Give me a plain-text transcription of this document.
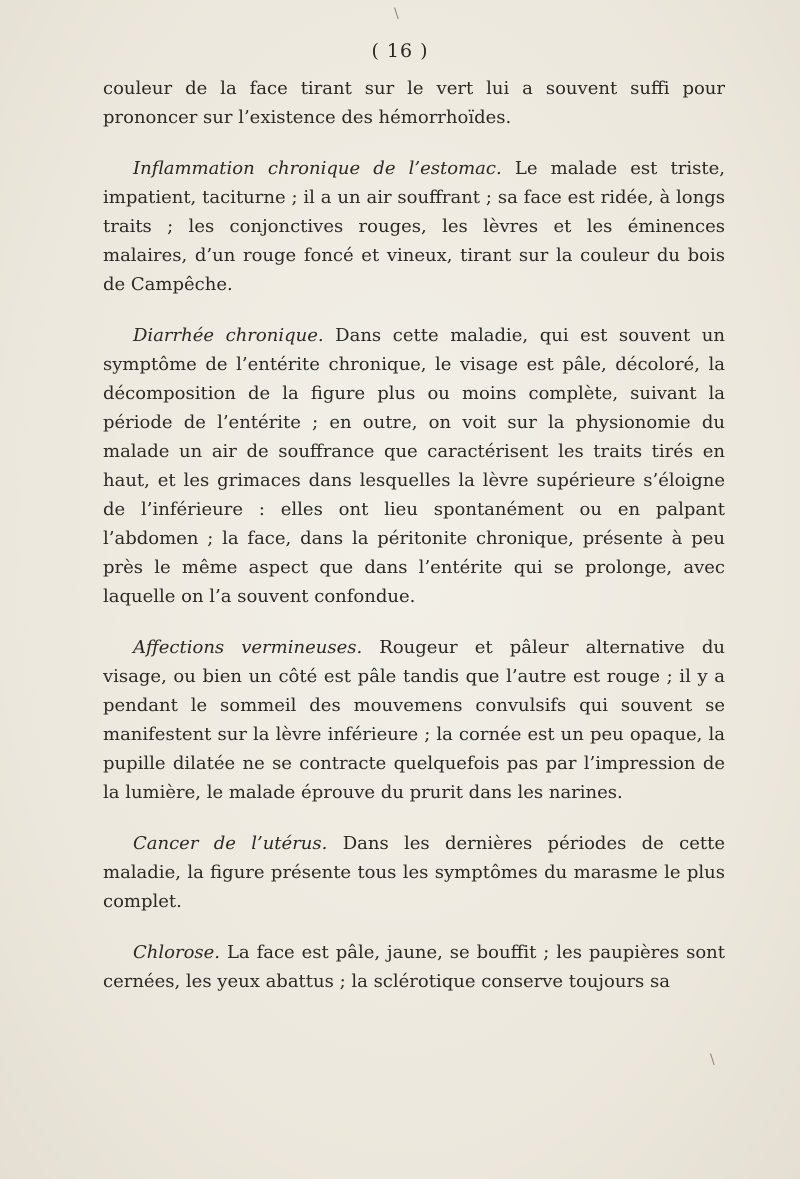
( 16 )

couleur de la face tirant sur le vert lui a souvent suffi pour prononcer sur l’existence des hémorrhoïdes.

Inflammation chronique de l’estomac. Le malade est triste, impatient, taciturne ; il a un air souffrant ; sa face est ridée, à longs traits ; les conjonctives rouges, les lèvres et les éminences malaires, d’un rouge foncé et vineux, tirant sur la couleur du bois de Campêche.

Diarrhée chronique. Dans cette maladie, qui est souvent un symptôme de l’entérite chronique, le visage est pâle, décoloré, la décomposition de la figure plus ou moins complète, suivant la période de l’entérite ; en outre, on voit sur la physionomie du malade un air de souffrance que caractérisent les traits tirés en haut, et les grimaces dans lesquelles la lèvre supérieure s’éloigne de l’inférieure : elles ont lieu spontanément ou en palpant l’abdomen ; la face, dans la péritonite chronique, présente à peu près le même aspect que dans l’entérite qui se prolonge, avec laquelle on l’a souvent confondue.

Affections vermineuses. Rougeur et pâleur alternative du visage, ou bien un côté est pâle tandis que l’autre est rouge ; il y a pendant le sommeil des mouvemens convulsifs qui souvent se manifestent sur la lèvre inférieure ; la cornée est un peu opaque, la pupille dilatée ne se contracte quelquefois pas par l’impression de la lumière, le malade éprouve du prurit dans les narines.

Cancer de l’utérus. Dans les dernières périodes de cette maladie, la figure présente tous les symptômes du marasme le plus complet.

Chlorose. La face est pâle, jaune, se bouffit ; les paupières sont cernées, les yeux abattus ; la sclérotique conserve toujours sa

\
\
